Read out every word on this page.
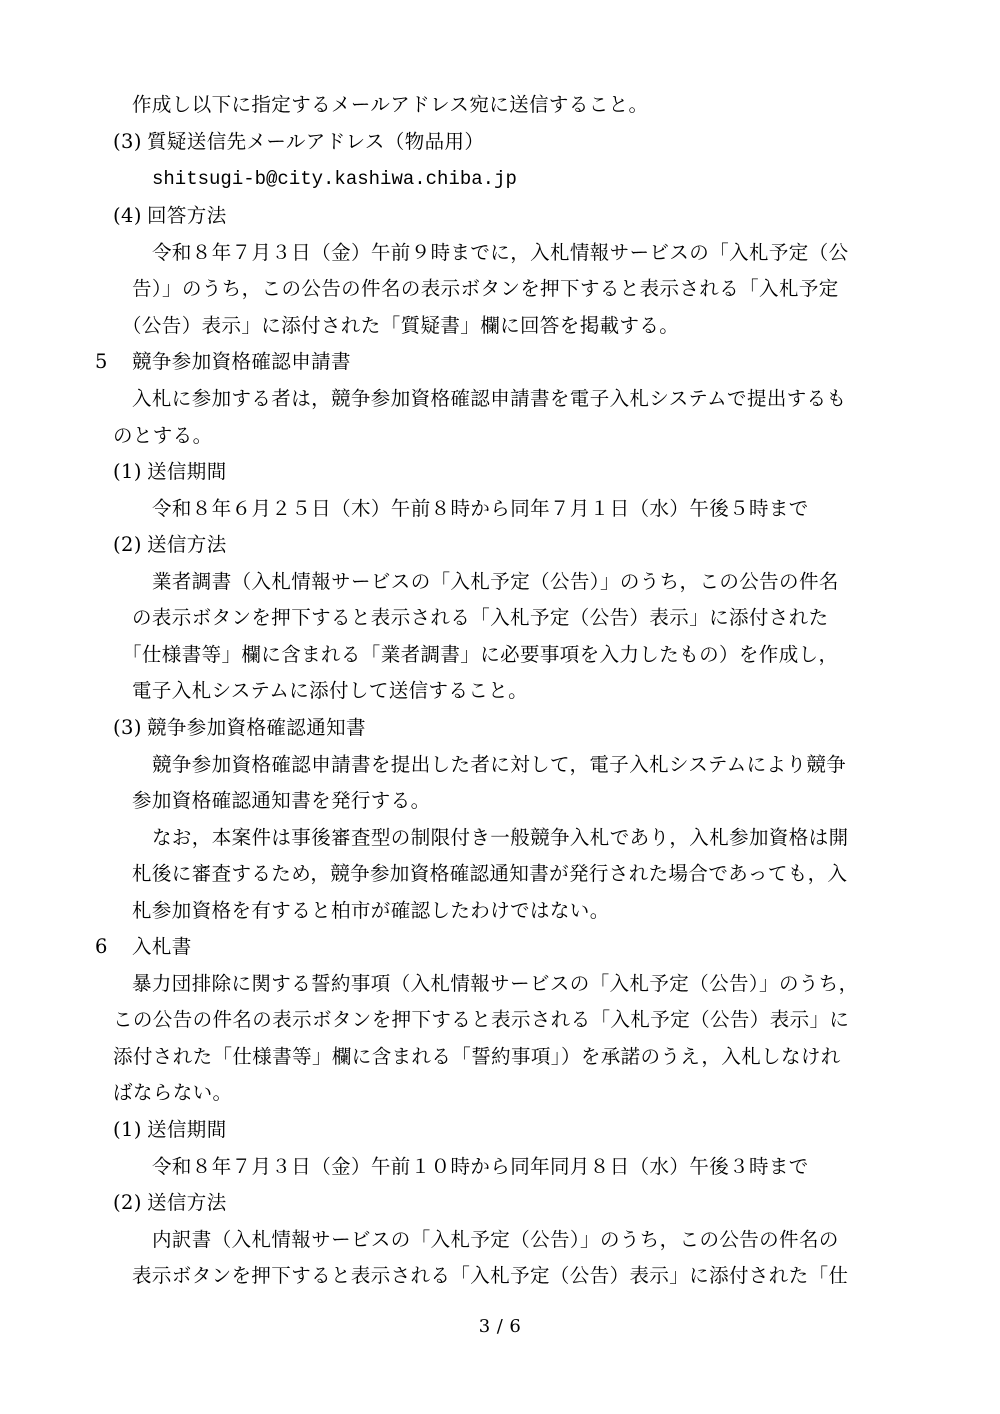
作成し以下に指定するメールアドレス宛に送信すること。
(3) 質疑送信先メールアドレス（物品用）
shitsugi-b@city.kashiwa.chiba.jp
(4) 回答方法
令和８年７月３日（金）午前９時までに，入札情報サービスの「入札予定（公
告）」のうち，この公告の件名の表示ボタンを押下すると表示される「入札予定
（公告）表示」に添付された「質疑書」欄に回答を掲載する。
5 競争参加資格確認申請書
入札に参加する者は，競争参加資格確認申請書を電子入札システムで提出するも
のとする。
(1) 送信期間
令和８年６月２５日（木）午前８時から同年７月１日（水）午後５時まで
(2) 送信方法
業者調書（入札情報サービスの「入札予定（公告）」のうち，この公告の件名
の表示ボタンを押下すると表示される「入札予定（公告）表示」に添付された
「仕様書等」欄に含まれる「業者調書」に必要事項を入力したもの）を作成し，
電子入札システムに添付して送信すること。
(3) 競争参加資格確認通知書
競争参加資格確認申請書を提出した者に対して，電子入札システムにより競争
参加資格確認通知書を発行する。
なお，本案件は事後審査型の制限付き一般競争入札であり，入札参加資格は開
札後に審査するため，競争参加資格確認通知書が発行された場合であっても，入
札参加資格を有すると柏市が確認したわけではない。
6 入札書
暴力団排除に関する誓約事項（入札情報サービスの「入札予定（公告）」のうち，
この公告の件名の表示ボタンを押下すると表示される「入札予定（公告）表示」に
添付された「仕様書等」欄に含まれる「誓約事項」）を承諾のうえ，入札しなけれ
ばならない。
(1) 送信期間
令和８年７月３日（金）午前１０時から同年同月８日（水）午後３時まで
(2) 送信方法
内訳書（入札情報サービスの「入札予定（公告）」のうち，この公告の件名の
表示ボタンを押下すると表示される「入札予定（公告）表示」に添付された「仕
3 / 6
